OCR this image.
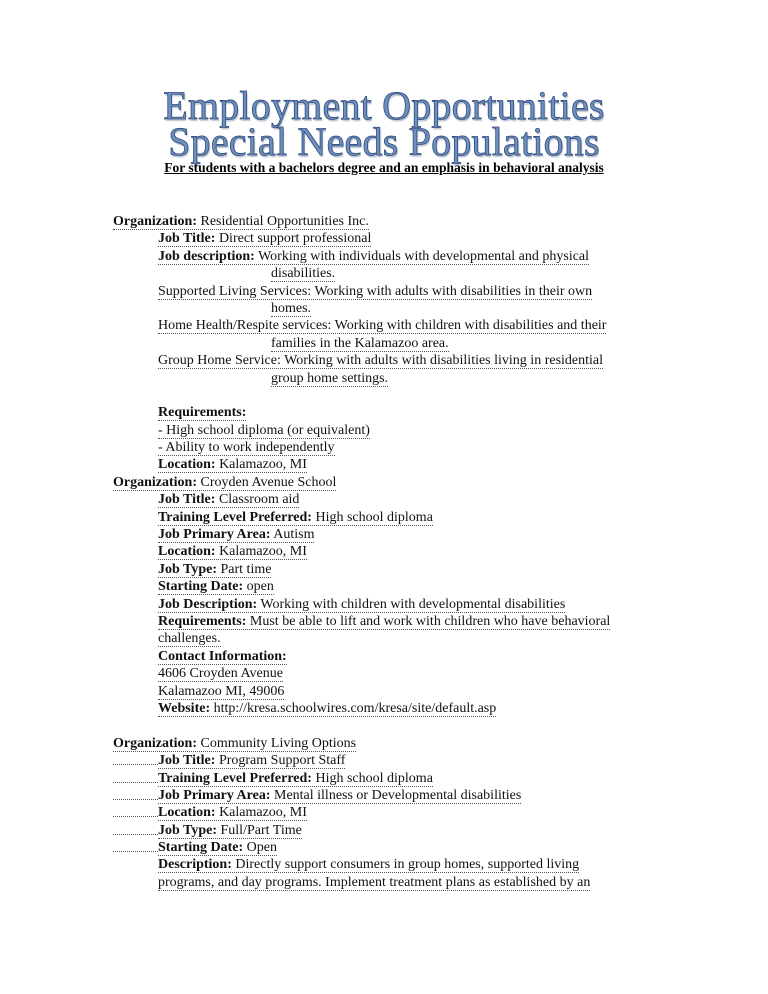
Employment Opportunities
Special Needs Populations
For students with a bachelors degree and an emphasis in behavioral analysis
Organization: Residential Opportunities Inc.
Job Title: Direct support professional
Job description: Working with individuals with developmental and physical
disabilities.
Supported Living Services: Working with adults with disabilities in their own
homes.
Home Health/Respite services: Working with children with disabilities and their
families in the Kalamazoo area.
Group Home Service: Working with adults with disabilities living in residential
group home settings.
Requirements:
- High school diploma (or equivalent)
- Ability to work independently
Location: Kalamazoo, MI
Organization: Croyden Avenue School
Job Title: Classroom aid
Training Level Preferred: High school diploma
Job Primary Area: Autism
Location: Kalamazoo, MI
Job Type: Part time
Starting Date: open
Job Description: Working with children with developmental disabilities
Requirements: Must be able to lift and work with children who have behavioral
challenges.
Contact Information:
4606 Croyden Avenue
Kalamazoo MI, 49006
Website: http://kresa.schoolwires.com/kresa/site/default.asp
Organization: Community Living Options
Job Title: Program Support Staff
Training Level Preferred: High school diploma
Job Primary Area: Mental illness or Developmental disabilities
Location: Kalamazoo, MI
Job Type: Full/Part Time
Starting Date: Open
Description: Directly support consumers in group homes, supported living
programs, and day programs. Implement treatment plans as established by an
